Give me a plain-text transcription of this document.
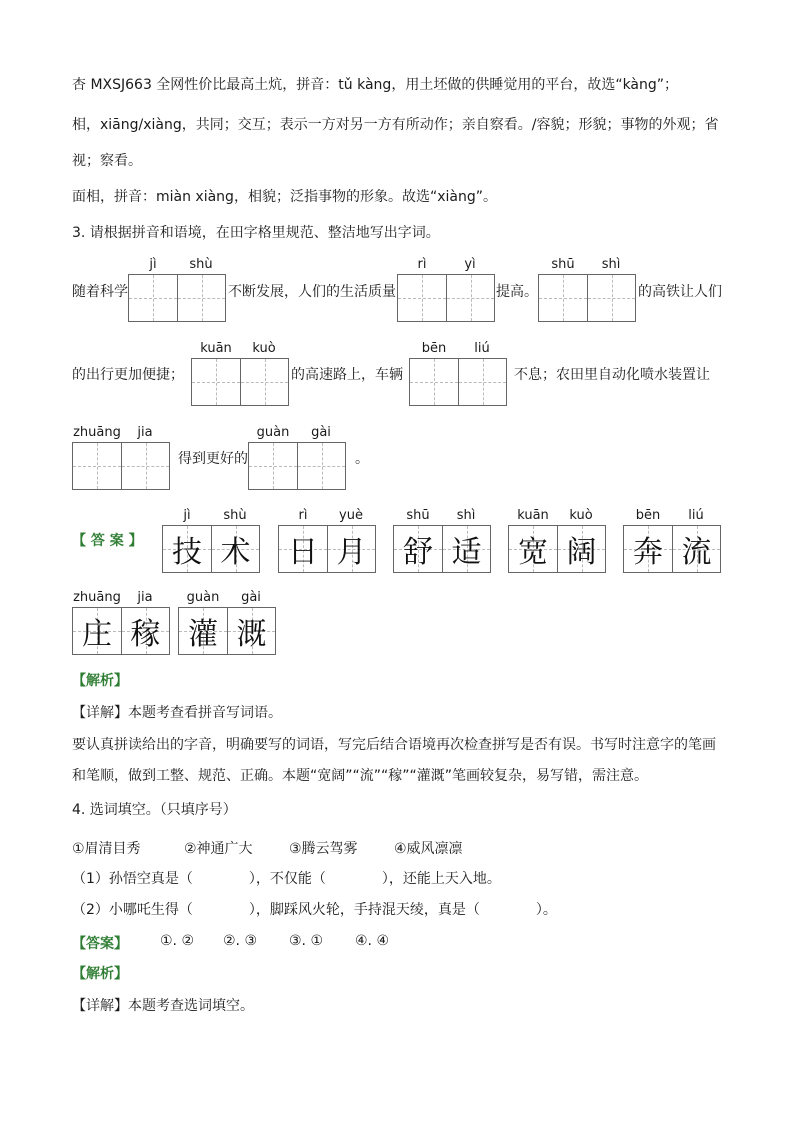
杏 MXSJ663 全网性价比最高土炕，拼音：tǔ kàng，用土坯做的供睡觉用的平台，故选“kàng”；
相，xiāng/xiàng，共同；交互；表示一方对另一方有所动作；亲自察看。/容貌；形貌；事物的外观；省
视；察看。
面相，拼音：miàn xiàng，相貌；泛指事物的形象。故选“xiàng”。
3. 请根据拼音和语境，在田字格里规范、整洁地写出字词。
jì	shù	rì	yì	shū	shì
随着科学	不断发展，人们的生活质量	提高。	的高铁让人们
kuān	kuò	bēn	liú
的出行更加便捷；	的高速路上，车辆	不息；农田里自动化喷水装置让
zhuāng	jia	guàn	gài
得到更好的	。
【 答 案 】
jì	shù	rì	yuè	shū	shì	kuān	kuò	bēn	liú
技 术	日 月	舒 适	宽 阔	奔 流
zhuāng	jia	guàn	gài
庄 稼 灌 溉
【解析】
【详解】本题考查看拼音写词语。
要认真拼读给出的字音，明确要写的词语，写完后结合语境再次检查拼写是否有误。书写时注意字的笔画
和笔顺，做到工整、规范、正确。本题“宽阔”“流”“稼”“灌溉”笔画较复杂，易写错，需注意。
4. 选词填空。（只填序号）
①眉清目秀	②神通广大	③腾云驾雾	④威风凛凛
（1）孙悟空真是（　　　　），不仅能（　　　　），还能上天入地。
（2）小哪吒生得（　　　　），脚踩风火轮，手持混天绫，真是（　　　　）。
【答案】 ①. ② ②. ③ ③. ① ④. ④
【解析】
【详解】本题考查选词填空。
